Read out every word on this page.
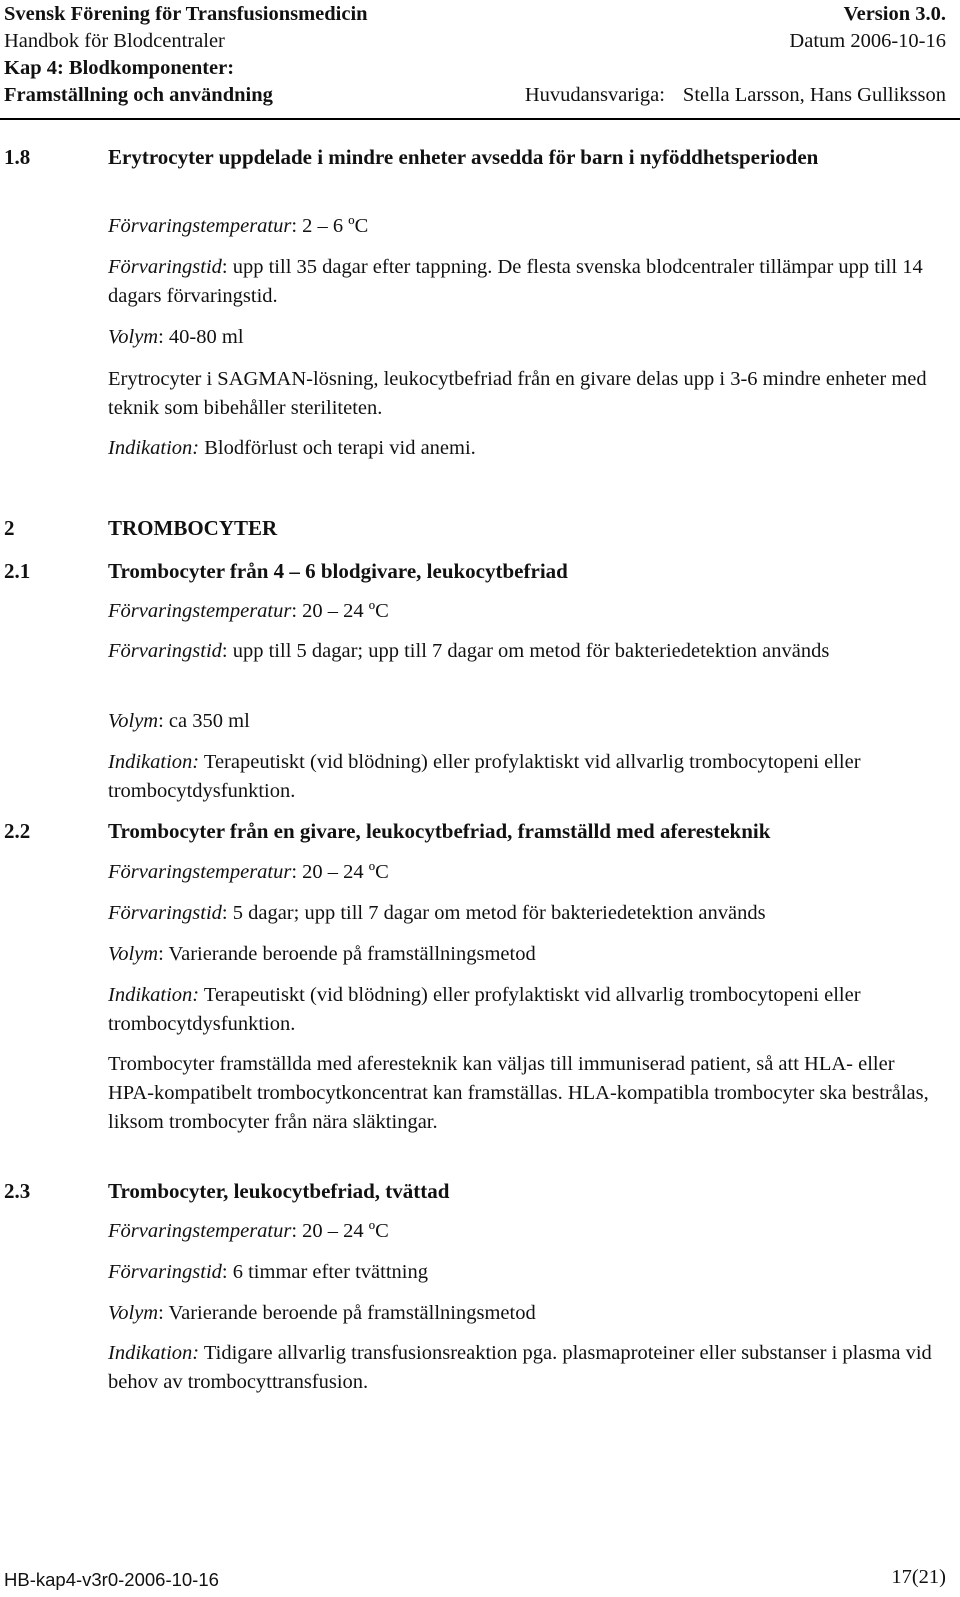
Svensk Förening för Transfusionsmedicin	Version 3.0.
Handbok för Blodcentraler	Datum 2006-10-16
Kap 4: Blodkomponenter:
Framställning och användning	Huvudansvariga: Stella Larsson, Hans Gulliksson
1.8	Erytrocyter uppdelade i mindre enheter avsedda för barn i nyföddhetsperioden
Förvaringstemperatur: 2 – 6 ºC
Förvaringstid: upp till 35 dagar efter tappning. De flesta svenska blodcentraler tillämpar upp till 14 dagars förvaringstid.
Volym: 40-80 ml
Erytrocyter i SAGMAN-lösning, leukocytbefriad från en givare delas upp i 3-6 mindre enheter med teknik som bibehåller steriliteten.
Indikation: Blodförlust och terapi vid anemi.
2	TROMBOCYTER
2.1	Trombocyter från 4 – 6 blodgivare, leukocytbefriad
Förvaringstemperatur: 20 – 24 ºC
Förvaringstid: upp till 5 dagar; upp till 7 dagar om metod för bakteriedetektion används
Volym: ca 350 ml
Indikation: Terapeutiskt (vid blödning) eller profylaktiskt vid allvarlig trombocytopeni eller trombocytdysfunktion.
2.2	Trombocyter från en givare, leukocytbefriad, framställd med aferesteknik
Förvaringstemperatur: 20 – 24 ºC
Förvaringstid: 5 dagar; upp till 7 dagar om metod för bakteriedetektion används
Volym: Varierande beroende på framställningsmetod
Indikation: Terapeutiskt (vid blödning) eller profylaktiskt vid allvarlig trombocytopeni eller trombocytdysfunktion.
Trombocyter framställda med aferesteknik kan väljas till immuniserad patient, så att HLA- eller HPA-kompatibelt trombocytkoncentrat kan framställas. HLA-kompatibla trombocyter ska bestrålas, liksom trombocyter från nära släktingar.
2.3	Trombocyter, leukocytbefriad, tvättad
Förvaringstemperatur: 20 – 24 ºC
Förvaringstid: 6 timmar efter tvättning
Volym: Varierande beroende på framställningsmetod
Indikation: Tidigare allvarlig transfusionsreaktion pga. plasmaproteiner eller substanser i plasma vid behov av trombocyttransfusion.
HB-kap4-v3r0-2006-10-16	17(21)
